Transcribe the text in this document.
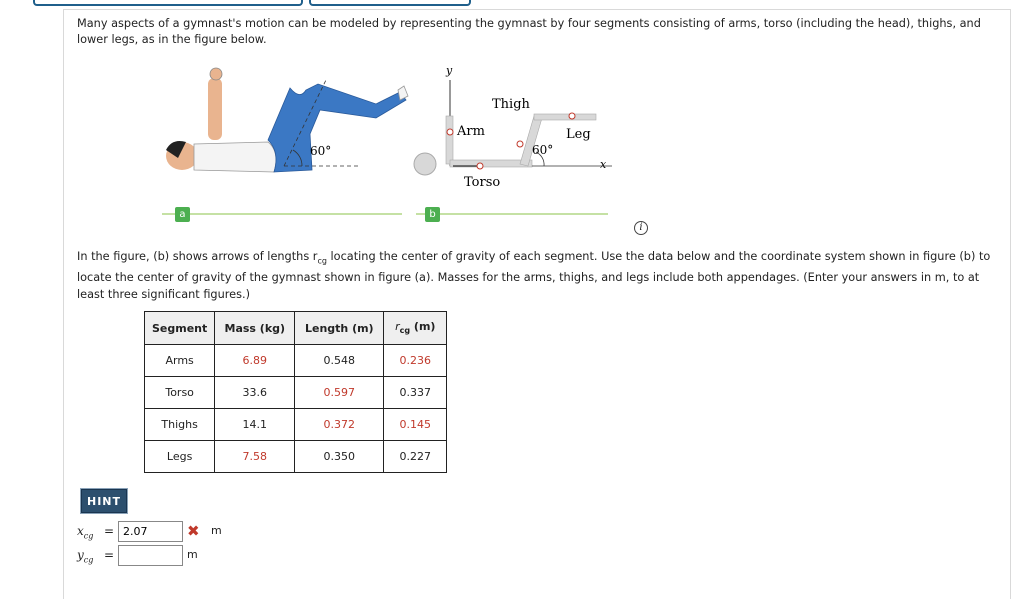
Many aspects of a gymnast's motion can be modeled by representing the gymnast by four segments consisting of arms, torso (including the head), thighs, and lower legs, as in the figure below.

60°
y
x
Arm
Thigh
Leg
Torso
60°
a	b
i

In the figure, (b) shows arrows of lengths $r_{cg}$ locating the center of gravity of each segment. Use the data below and the coordinate system shown in figure (b) to locate the center of gravity of the gymnast shown in figure (a). Masses for the arms, thighs, and legs include both appendages. (Enter your answers in m, to at least three significant figures.)

Segment	Mass (kg)	Length (m)	$r_{cg}$ (m)
Arms	6.89	0.548	0.236
Torso	33.6	0.597	0.337
Thighs	14.1	0.372	0.145
Legs	7.58	0.350	0.227
HINT
$x_{cg}$ =
2.07	✖ m
$y_{cg}$ =	m
